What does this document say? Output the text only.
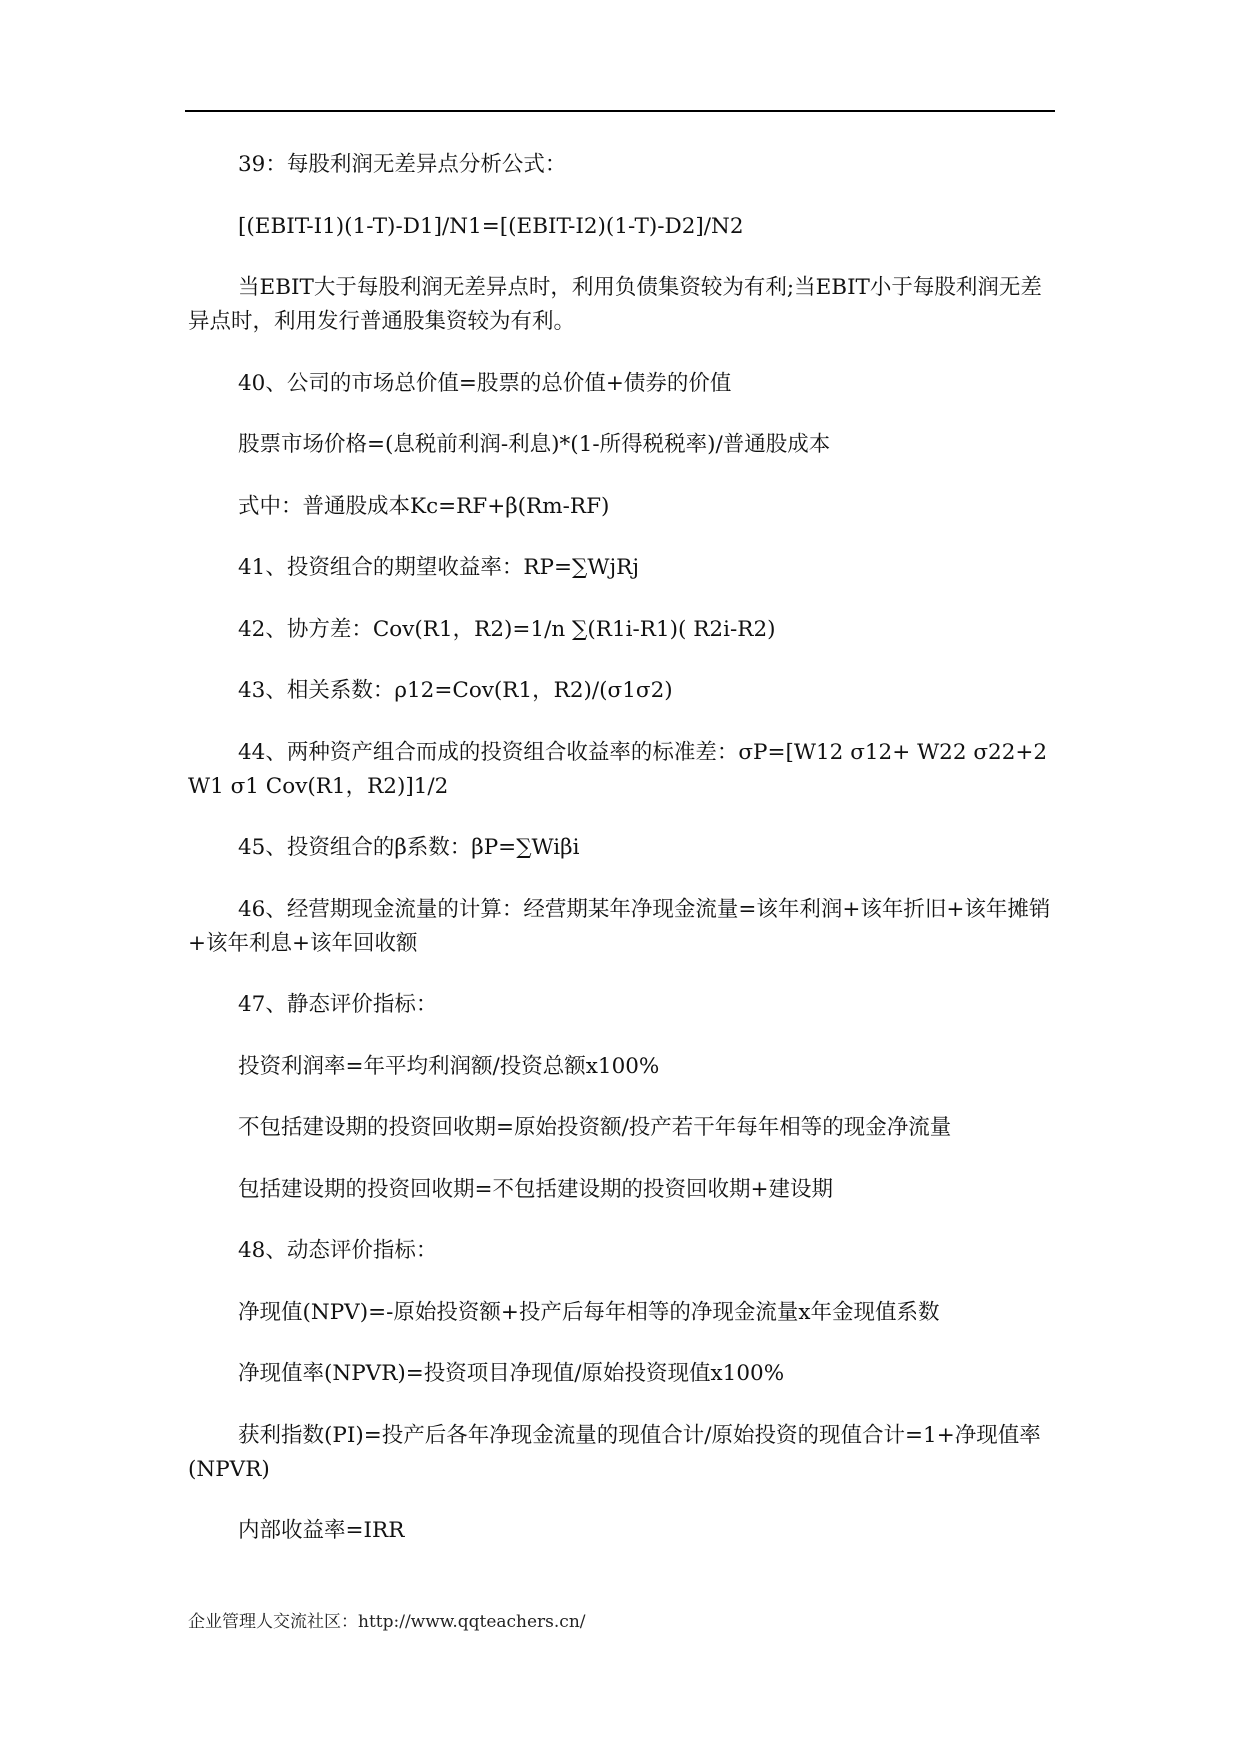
39：每股利润无差异点分析公式：

[(EBIT-I1)(1-T)-D1]/N1=[(EBIT-I2)(1-T)-D2]/N2

当EBIT大于每股利润无差异点时，利用负债集资较为有利;当EBIT小于每股利润无差异点时，利用发行普通股集资较为有利。

40、公司的市场总价值=股票的总价值+债券的价值

股票市场价格=(息税前利润-利息)*(1-所得税税率)/普通股成本

式中：普通股成本Kc=RF+β(Rm-RF)

41、投资组合的期望收益率：RP=∑WjRj

42、协方差：Cov(R1，R2)=1/n ∑(R1i-R1)( R2i-R2)

43、相关系数：ρ12=Cov(R1，R2)/(σ1σ2)

44、两种资产组合而成的投资组合收益率的标准差：σP=[W12 σ12+ W22 σ22+2W1 σ1 Cov(R1，R2)]1/2

45、投资组合的β系数：βP=∑Wiβi

46、经营期现金流量的计算：经营期某年净现金流量=该年利润+该年折旧+该年摊销+该年利息+该年回收额

47、静态评价指标：

投资利润率=年平均利润额/投资总额x100%

不包括建设期的投资回收期=原始投资额/投产若干年每年相等的现金净流量

包括建设期的投资回收期=不包括建设期的投资回收期+建设期

48、动态评价指标：

净现值(NPV)=-原始投资额+投产后每年相等的净现金流量x年金现值系数

净现值率(NPVR)=投资项目净现值/原始投资现值x100%

获利指数(PI)=投产后各年净现金流量的现值合计/原始投资的现值合计=1+净现值率(NPVR)

内部收益率=IRR

企业管理人交流社区：http://www.qqteachers.cn/
